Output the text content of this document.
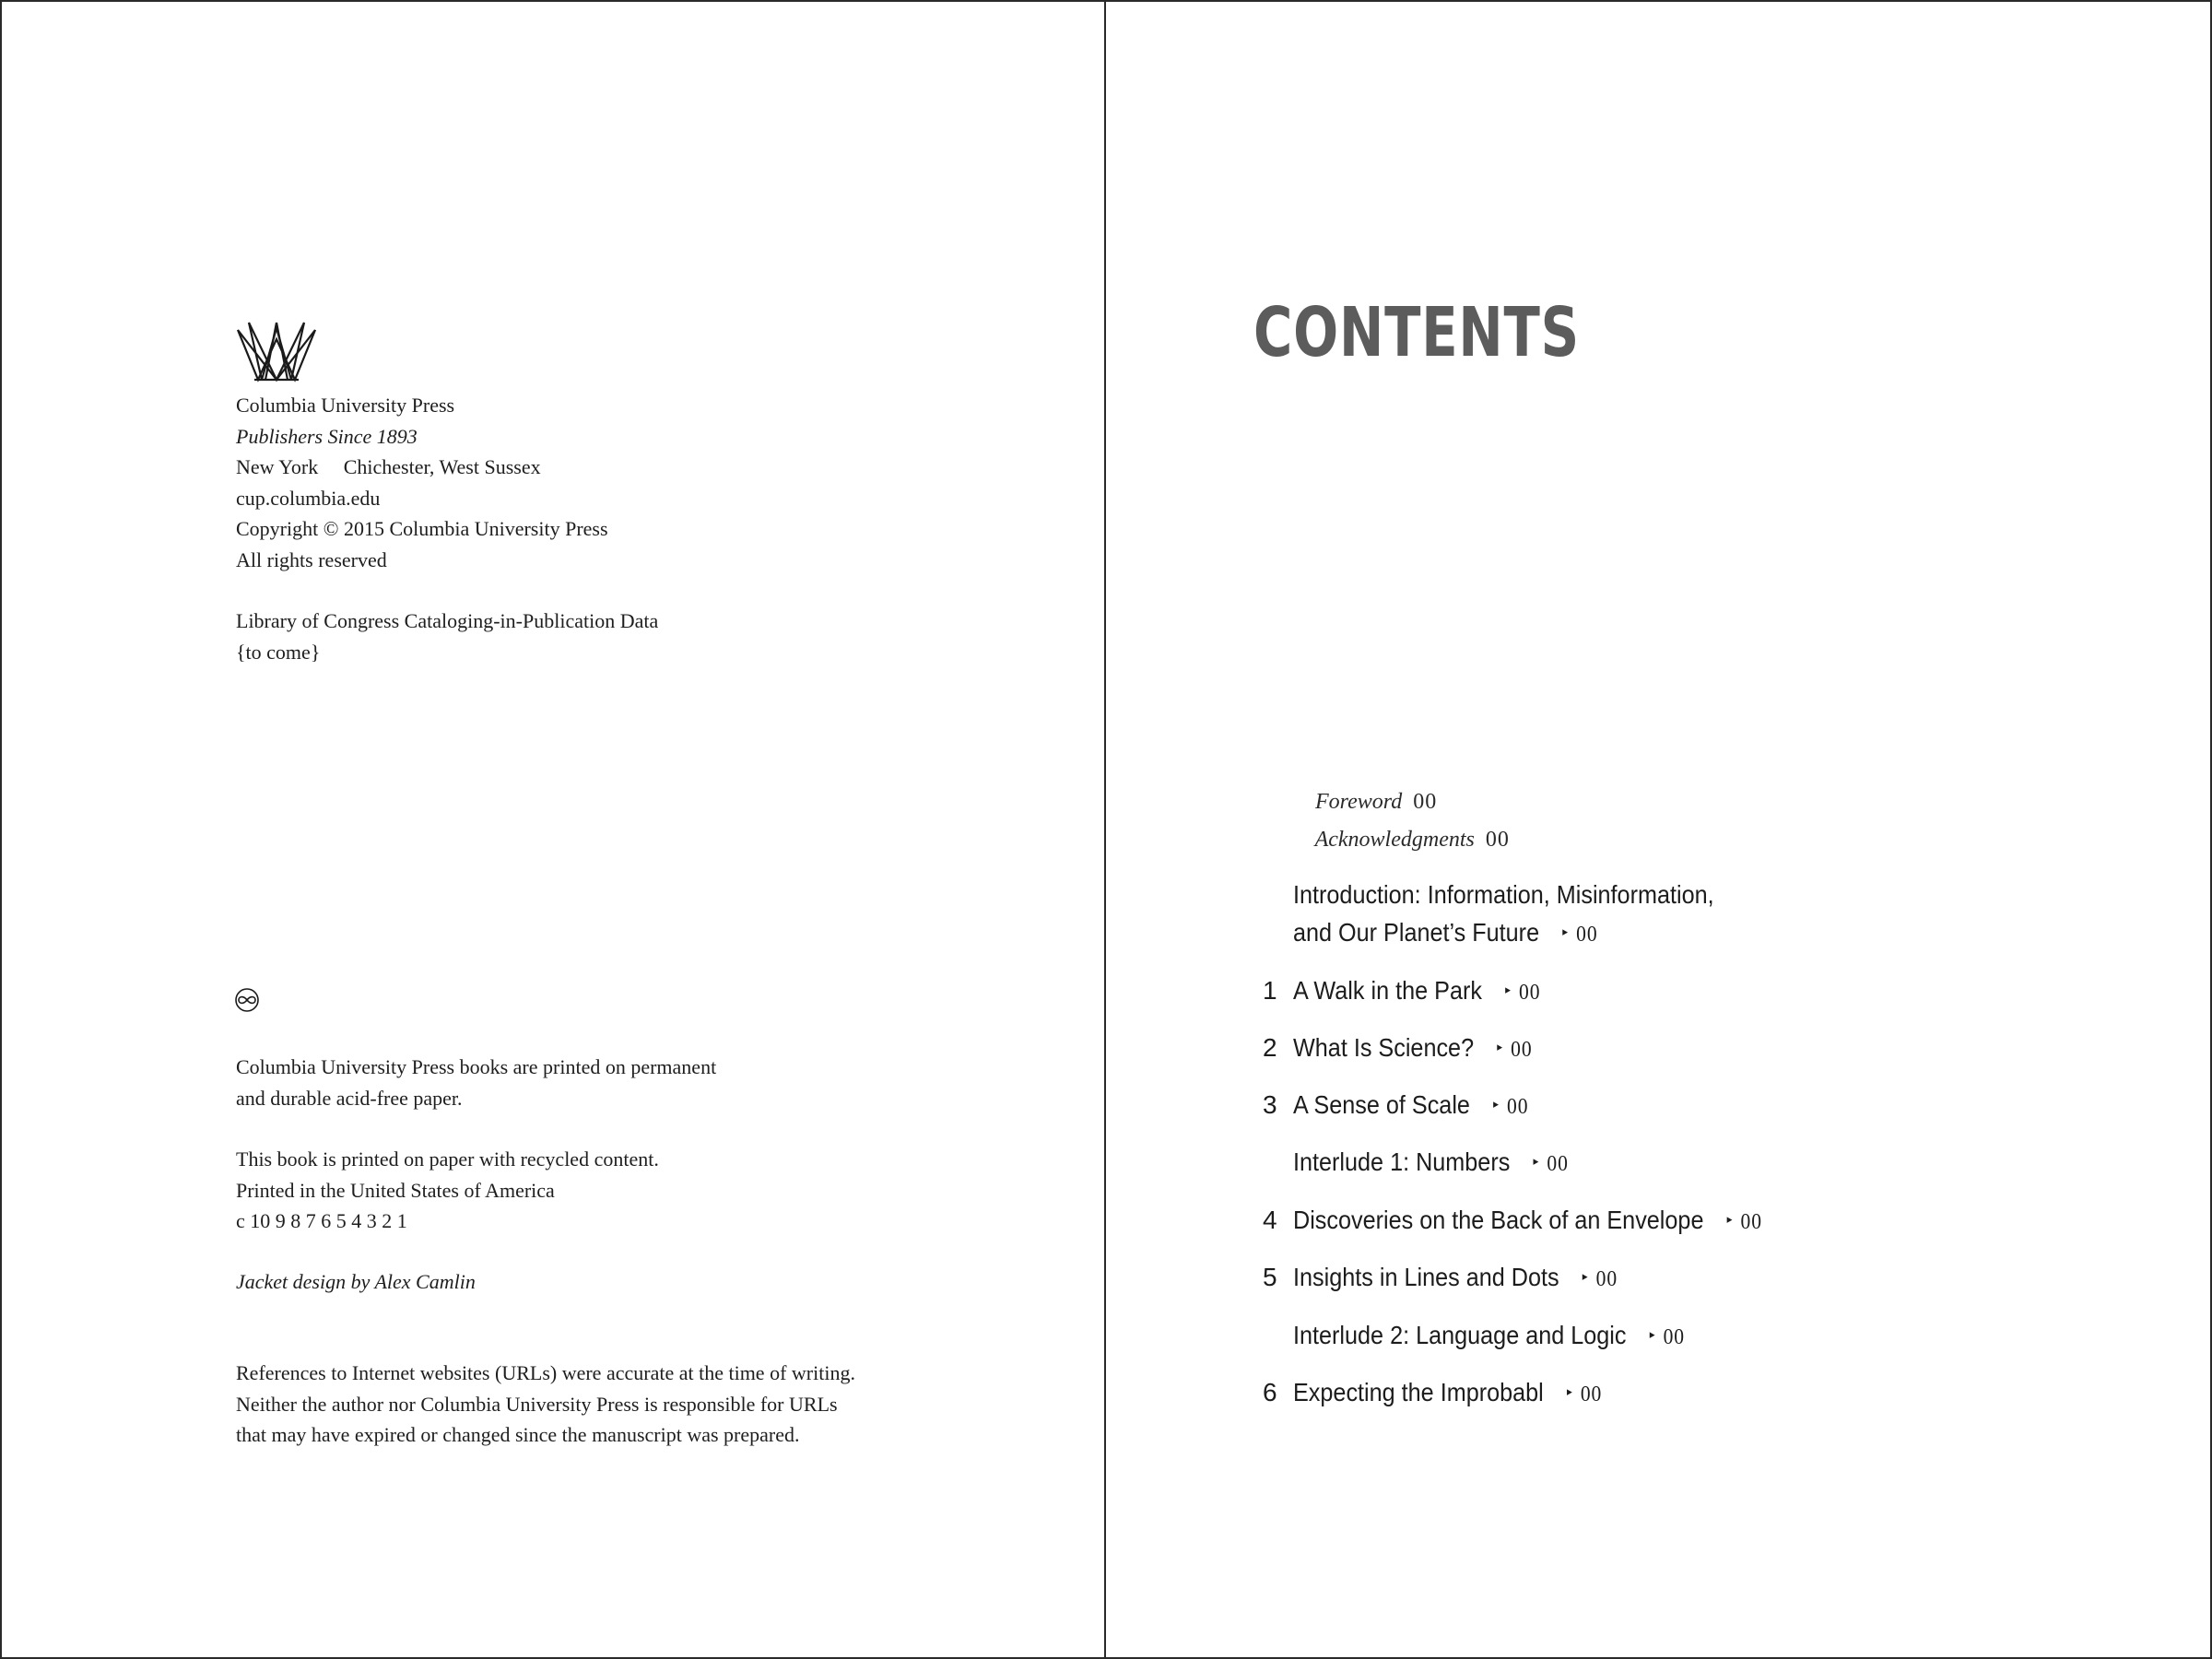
Columbia University Press
Publishers Since 1893
New York     Chichester, West Sussex
cup.columbia.edu
Copyright © 2015 Columbia University Press
All rights reserved
Library of Congress Cataloging-in-Publication Data
{to come}
Columbia University Press books are printed on permanent
and durable acid-free paper.
This book is printed on paper with recycled content.
Printed in the United States of America
c 10 9 8 7 6 5 4 3 2 1
Jacket design by Alex Camlin
References to Internet websites (URLs) were accurate at the time of writing.
Neither the author nor Columbia University Press is responsible for URLs
that may have expired or changed since the manuscript was prepared.
CONTENTS

Foreword 00

Acknowledgments 00

Introduction: Information, Misinformation,
and Our Planet’s Future ▸ 00
1 A Walk in the Park ▸ 00
2 What Is Science? ▸ 00
3 A Sense of Scale ▸ 00
Interlude 1: Numbers ▸ 00
4 Discoveries on the Back of an Envelope ▸ 00
5 Insights in Lines and Dots ▸ 00
Interlude 2: Language and Logic ▸ 00
6 Expecting the Improbabl ▸ 00
